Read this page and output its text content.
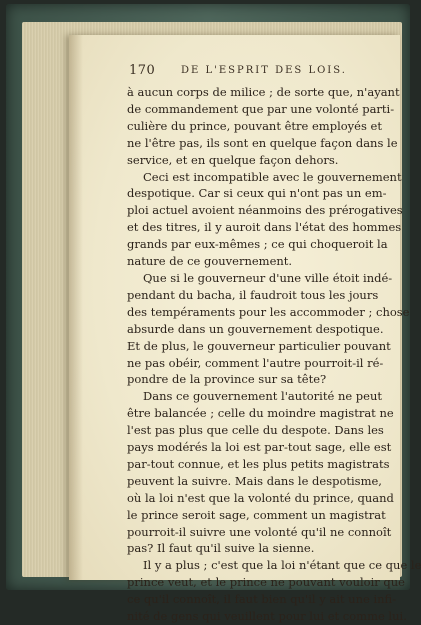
170	DE L'ESPRIT DES LOIS.

à aucun corps de milice ; de sorte que, n'ayant

de commandement que par une volonté parti-

culière du prince, pouvant être employés et

ne l'être pas, ils sont en quelque façon dans le

service, et en quelque façon dehors.

Ceci est incompatible avec le gouvernement

despotique. Car si ceux qui n'ont pas un em-

ploi actuel avoient néanmoins des prérogatives

et des titres, il y auroit dans l'état des hommes

grands par eux-mêmes ; ce qui choqueroit la

nature de ce gouvernement.

Que si le gouverneur d'une ville étoit indé-

pendant du bacha, il faudroit tous les jours

des tempéraments pour les accommoder ; chose

absurde dans un gouvernement despotique.

Et de plus, le gouverneur particulier pouvant

ne pas obéir, comment l'autre pourroit-il ré-

pondre de la province sur sa tête?

Dans ce gouvernement l'autorité ne peut

être balancée ; celle du moindre magistrat ne

l'est pas plus que celle du despote. Dans les

pays modérés la loi est par-tout sage, elle est

par-tout connue, et les plus petits magistrats

peuvent la suivre. Mais dans le despotisme,

où la loi n'est que la volonté du prince, quand

le prince seroit sage, comment un magistrat

pourroit-il suivre une volonté qu'il ne connoît

pas? Il faut qu'il suive la sienne.

Il y a plus ; c'est que la loi n'étant que ce que le

prince veut, et le prince ne pouvant vouloir que

ce qu'il connoît, il faut bien qu'il y ait une infi-

nité de gens qui veuillent pour lui et comme lui.
